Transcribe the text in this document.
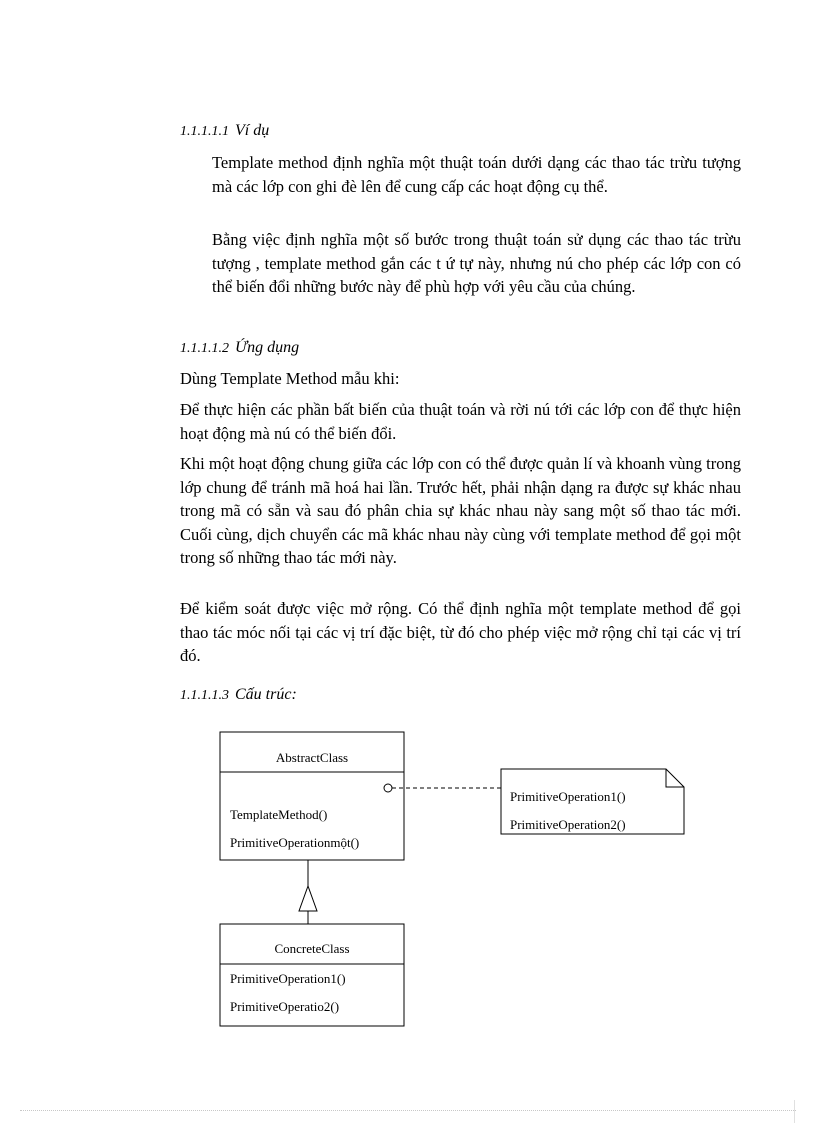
1.1.1.1.1 Ví dụ

Template method định nghĩa một thuật toán dưới dạng các thao tác trừu tượng mà các lớp con ghi đè lên để cung cấp các hoạt động cụ thể.

Bằng việc định nghĩa một số bước trong thuật toán sử dụng các thao tác trừu tượng , template method gắn các t ứ tự này, nhưng nú cho phép các lớp con có thể biến đổi những bước này để phù hợp với yêu cầu của chúng.

1.1.1.1.2 Ứng dụng

Dùng Template Method mẫu khi:

Để thực hiện các phần bất biến của thuật toán và rời nú tới các lớp con để thực hiện hoạt động mà nú có thể biến đổi.

Khi một hoạt động chung giữa các lớp con có thể được quản lí và khoanh vùng trong lớp chung để tránh mã hoá hai lần. Trước hết, phải nhận dạng ra được sự khác nhau trong mã có sẵn và sau đó phân chia sự khác nhau này sang một số thao tác mới. Cuối cùng, dịch chuyển các mã khác nhau này cùng với template method để gọi một trong số những thao tác mới này.

Để kiểm soát được việc mở rộng. Có thể định nghĩa một template method để gọi thao tác móc nối tại các vị trí đặc biệt, từ đó cho phép việc mở rộng chỉ tại các vị trí đó.

1.1.1.1.3 Cấu trúc:
AbstractClass
TemplateMethod()
PrimitiveOperationmột()
PrimitiveOperation1()
PrimitiveOperation2()
ConcreteClass
PrimitiveOperation1()
PrimitiveOperatio2()
